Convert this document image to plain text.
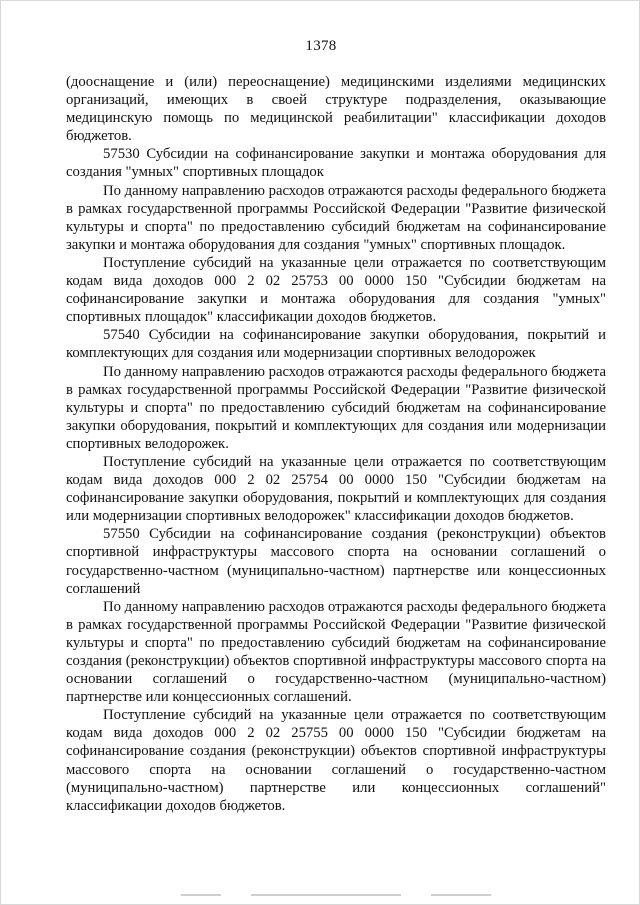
1378

(дооснащение и (или) переоснащение) медицинскими изделиями медицинских организаций, имеющих в своей структуре подразделения, оказывающие медицинскую помощь по медицинской реабилитации" классификации доходов бюджетов.

57530 Субсидии на софинансирование закупки и монтажа оборудования для создания "умных" спортивных площадок

По данному направлению расходов отражаются расходы федерального бюджета в рамках государственной программы Российской Федерации "Развитие физической культуры и спорта" по предоставлению субсидий бюджетам на софинансирование закупки и монтажа оборудования для создания "умных" спортивных площадок.

Поступление субсидий на указанные цели отражается по соответствующим кодам вида доходов 000 2 02 25753 00 0000 150 "Субсидии бюджетам на софинансирование закупки и монтажа оборудования для создания "умных" спортивных площадок" классификации доходов бюджетов.

57540 Субсидии на софинансирование закупки оборудования, покрытий и комплектующих для создания или модернизации спортивных велодорожек

По данному направлению расходов отражаются расходы федерального бюджета в рамках государственной программы Российской Федерации "Развитие физической культуры и спорта" по предоставлению субсидий бюджетам на софинансирование закупки оборудования, покрытий и комплектующих для создания или модернизации спортивных велодорожек.

Поступление субсидий на указанные цели отражается по соответствующим кодам вида доходов 000 2 02 25754 00 0000 150 "Субсидии бюджетам на софинансирование закупки оборудования, покрытий и комплектующих для создания или модернизации спортивных велодорожек" классификации доходов бюджетов.

57550 Субсидии на софинансирование создания (реконструкции) объектов спортивной инфраструктуры массового спорта на основании соглашений о государственно-частном (муниципально-частном) партнерстве или концессионных соглашений

По данному направлению расходов отражаются расходы федерального бюджета в рамках государственной программы Российской Федерации "Развитие физической культуры и спорта" по предоставлению субсидий бюджетам на софинансирование создания (реконструкции) объектов спортивной инфраструктуры массового спорта на основании соглашений о государственно-частном (муниципально-частном) партнерстве или концессионных соглашений.

Поступление субсидий на указанные цели отражается по соответствующим кодам вида доходов 000 2 02 25755 00 0000 150 "Субсидии бюджетам на софинансирование создания (реконструкции) объектов спортивной инфраструктуры массового спорта на основании соглашений о государственно-частном (муниципально-частном) партнерстве или концессионных соглашений" классификации доходов бюджетов.
